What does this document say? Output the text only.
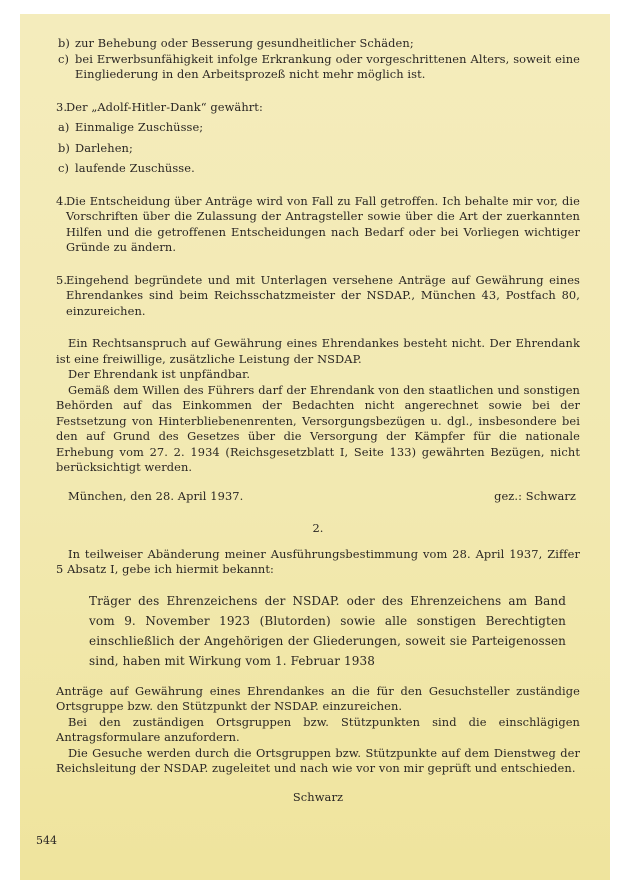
b) zur Behebung oder Besserung gesundheitlicher Schäden;
c) bei Erwerbsunfähigkeit infolge Erkrankung oder vorgeschrittenen Alters, soweit eine Eingliederung in den Arbeitsprozeß nicht mehr möglich ist.
3.
Der „Adolf-Hitler-Dank“ gewährt:
a) Einmalige Zuschüsse;
b) Darlehen;
c) laufende Zuschüsse.
4.
Die Entscheidung über Anträge wird von Fall zu Fall getroffen. Ich behalte mir vor, die Vorschriften über die Zulassung der Antragsteller sowie über die Art der zuerkannten Hilfen und die getroffenen Entscheidungen nach Bedarf oder bei Vorliegen wichtiger Gründe zu ändern.
5.
Eingehend begründete und mit Unterlagen versehene Anträge auf Gewährung eines Ehrendankes sind beim Reichsschatzmeister der NSDAP., München 43, Postfach 80, einzureichen.
Ein Rechtsanspruch auf Gewährung eines Ehrendankes besteht nicht. Der Ehrendank ist eine freiwillige, zusätzliche Leistung der NSDAP.
Der Ehrendank ist unpfändbar.
Gemäß dem Willen des Führers darf der Ehrendank von den staatlichen und sonstigen Behörden auf das Einkommen der Bedachten nicht angerechnet sowie bei der Festsetzung von Hinterbliebenenrenten, Versorgungsbezügen u. dgl., insbesondere bei den auf Grund des Gesetzes über die Versorgung der Kämpfer für die nationale Erhebung vom 27. 2. 1934 (Reichsgesetzblatt I, Seite 133) gewährten Bezügen, nicht berücksichtigt werden.
München, den 28. April 1937.	gez.: Schwarz
2.
In teilweiser Abänderung meiner Ausführungsbestimmung vom 28. April 1937, Ziffer 5 Absatz I, gebe ich hiermit bekannt:
Träger des Ehrenzeichens der NSDAP. oder des Ehrenzeichens am Band vom 9. November 1923 (Blutorden) sowie alle sonstigen Berechtigten einschließlich der Angehörigen der Gliederungen, soweit sie Parteigenossen sind, haben mit Wirkung vom 1. Februar 1938
Anträge auf Gewährung eines Ehrendankes an die für den Gesuchsteller zuständige Ortsgruppe bzw. den Stützpunkt der NSDAP. einzureichen.
Bei den zuständigen Ortsgruppen bzw. Stützpunkten sind die einschlägigen Antragsformulare anzufordern.
Die Gesuche werden durch die Ortsgruppen bzw. Stützpunkte auf dem Dienstweg der Reichsleitung der NSDAP. zugeleitet und nach wie vor von mir geprüft und entschieden.
Schwarz
544
